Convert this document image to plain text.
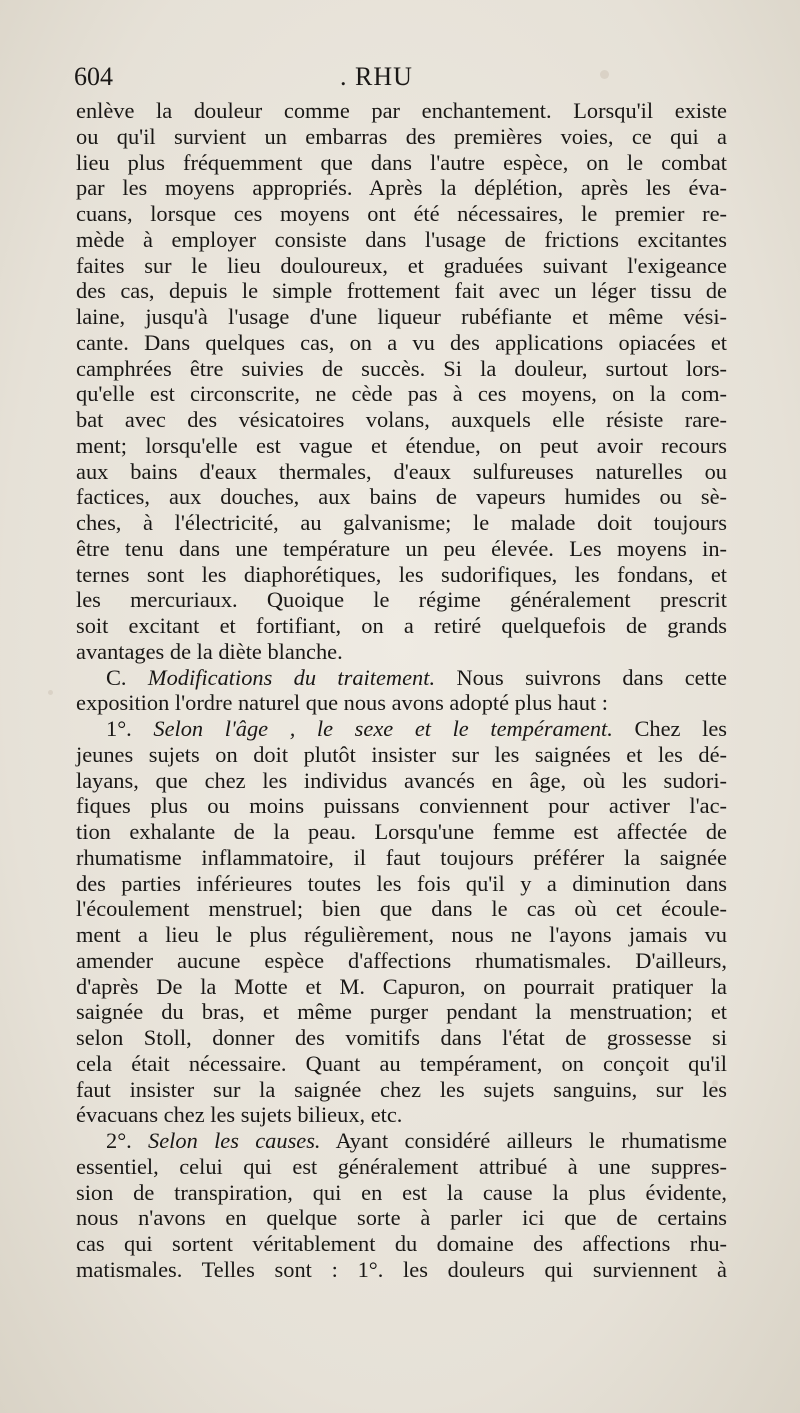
604	. RHU
enlève la douleur comme par enchantement. Lorsqu'il existe
ou qu'il survient un embarras des premières voies, ce qui a
lieu plus fréquemment que dans l'autre espèce, on le combat
par les moyens appropriés. Après la déplétion, après les éva-
cuans, lorsque ces moyens ont été nécessaires, le premier re-
mède à employer consiste dans l'usage de frictions excitantes
faites sur le lieu douloureux, et graduées suivant l'exigeance
des cas, depuis le simple frottement fait avec un léger tissu de
laine, jusqu'à l'usage d'une liqueur rubéfiante et même vési-
cante. Dans quelques cas, on a vu des applications opiacées et
camphrées être suivies de succès. Si la douleur, surtout lors-
qu'elle est circonscrite, ne cède pas à ces moyens, on la com-
bat avec des vésicatoires volans, auxquels elle résiste rare-
ment; lorsqu'elle est vague et étendue, on peut avoir recours
aux bains d'eaux thermales, d'eaux sulfureuses naturelles ou
factices, aux douches, aux bains de vapeurs humides ou sè-
ches, à l'électricité, au galvanisme; le malade doit toujours
être tenu dans une température un peu élevée. Les moyens in-
ternes sont les diaphorétiques, les sudorifiques, les fondans, et
les mercuriaux. Quoique le régime généralement prescrit
soit excitant et fortifiant, on a retiré quelquefois de grands
avantages de la diète blanche.
C. Modifications du traitement. Nous suivrons dans cette
exposition l'ordre naturel que nous avons adopté plus haut :
1°. Selon l'âge , le sexe et le tempérament. Chez les
jeunes sujets on doit plutôt insister sur les saignées et les dé-
layans, que chez les individus avancés en âge, où les sudori-
fiques plus ou moins puissans conviennent pour activer l'ac-
tion exhalante de la peau. Lorsqu'une femme est affectée de
rhumatisme inflammatoire, il faut toujours préférer la saignée
des parties inférieures toutes les fois qu'il y a diminution dans
l'écoulement menstruel; bien que dans le cas où cet écoule-
ment a lieu le plus régulièrement, nous ne l'ayons jamais vu
amender aucune espèce d'affections rhumatismales. D'ailleurs,
d'après De la Motte et M. Capuron, on pourrait pratiquer la
saignée du bras, et même purger pendant la menstruation; et
selon Stoll, donner des vomitifs dans l'état de grossesse si
cela était nécessaire. Quant au tempérament, on conçoit qu'il
faut insister sur la saignée chez les sujets sanguins, sur les
évacuans chez les sujets bilieux, etc.
2°. Selon les causes. Ayant considéré ailleurs le rhumatisme
essentiel, celui qui est généralement attribué à une suppres-
sion de transpiration, qui en est la cause la plus évidente,
nous n'avons en quelque sorte à parler ici que de certains
cas qui sortent véritablement du domaine des affections rhu-
matismales. Telles sont : 1°. les douleurs qui surviennent à
